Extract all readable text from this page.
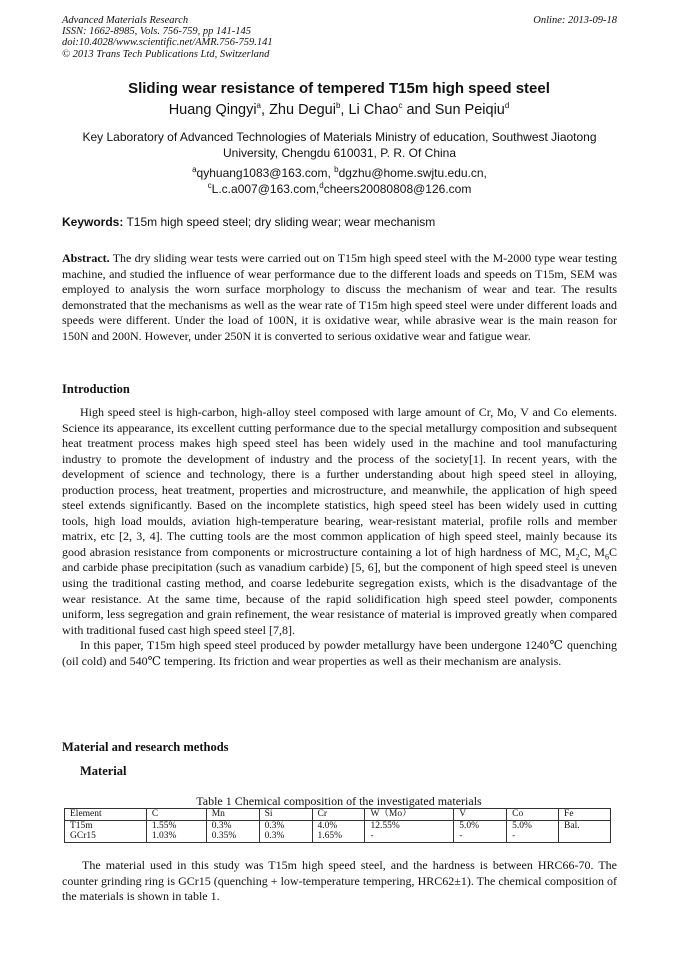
Advanced Materials Research
ISSN: 1662-8985, Vols. 756-759, pp 141-145
doi:10.4028/www.scientific.net/AMR.756-759.141
© 2013 Trans Tech Publications Ltd, Switzerland
Online: 2013-09-18
Sliding wear resistance of tempered T15m high speed steel
Huang Qingyi$^a$, Zhu Degui$^b$, Li Chao$^c$ and Sun Peiqiu$^d$
Key Laboratory of Advanced Technologies of Materials Ministry of education, Southwest Jiaotong University, Chengdu 610031, P. R. Of China
$^a$qyhuang1083@163.com, $^b$dgzhu@home.swjtu.edu.cn,
$^c$L.c.a007@163.com,$^d$cheers20080808@126.com
Keywords: T15m high speed steel; dry sliding wear; wear mechanism
Abstract. The dry sliding wear tests were carried out on T15m high speed steel with the M-2000 type wear testing machine, and studied the influence of wear performance due to the different loads and speeds on T15m, SEM was employed to analysis the worn surface morphology to discuss the mechanism of wear and tear. The results demonstrated that the mechanisms as well as the wear rate of T15m high speed steel were under different loads and speeds were different. Under the load of 100N, it is oxidative wear, while abrasive wear is the main reason for 150N and 200N. However, under 250N it is converted to serious oxidative wear and fatigue wear.
Introduction

High speed steel is high-carbon, high-alloy steel composed with large amount of Cr, Mo, V and Co elements. Science its appearance, its excellent cutting performance due to the special metallurgy composition and subsequent heat treatment process makes high speed steel has been widely used in the machine and tool manufacturing industry to promote the development of industry and the process of the society[1]. In recent years, with the development of science and technology, there is a further understanding about high speed steel in alloying, production process, heat treatment, properties and microstructure, and meanwhile, the application of high speed steel extends significantly. Based on the incomplete statistics, high speed steel has been widely used in cutting tools, high load moulds, aviation high-temperature bearing, wear-resistant material, profile rolls and member matrix, etc [2, 3, 4]. The cutting tools are the most common application of high speed steel, mainly because its good abrasion resistance from components or microstructure containing a lot of high hardness of MC, $M_2C$, $M_6C$ and carbide phase precipitation (such as vanadium carbide) [5, 6], but the component of high speed steel is uneven using the traditional casting method, and coarse ledeburite segregation exists, which is the disadvantage of the wear resistance. At the same time, because of the rapid solidification high speed steel powder, components uniform, less segregation and grain refinement, the wear resistance of material is improved greatly when compared with traditional fused cast high speed steel [7,8].

In this paper, T15m high speed steel produced by powder metallurgy have been undergone 1240℃ quenching (oil cold) and 540℃ tempering. Its friction and wear properties as well as their mechanism are analysis.

Material and research methods
Material
Table 1 Chemical composition of the investigated materials
Element	C	Mn	Si	Cr	W（Mo）	V	Co	Fe
T15m	1.55%	0.3%	0.3%	4.0%	12.55%	5.0%	5.0%	Bal.
GCr15	1.03%	0.35%	0.3%	1.65%	-	-	-	

The material used in this study was T15m high speed steel, and the hardness is between HRC66-70. The counter grinding ring is GCr15 (quenching + low-temperature tempering, HRC62±1). The chemical composition of the materials is shown in table 1.
